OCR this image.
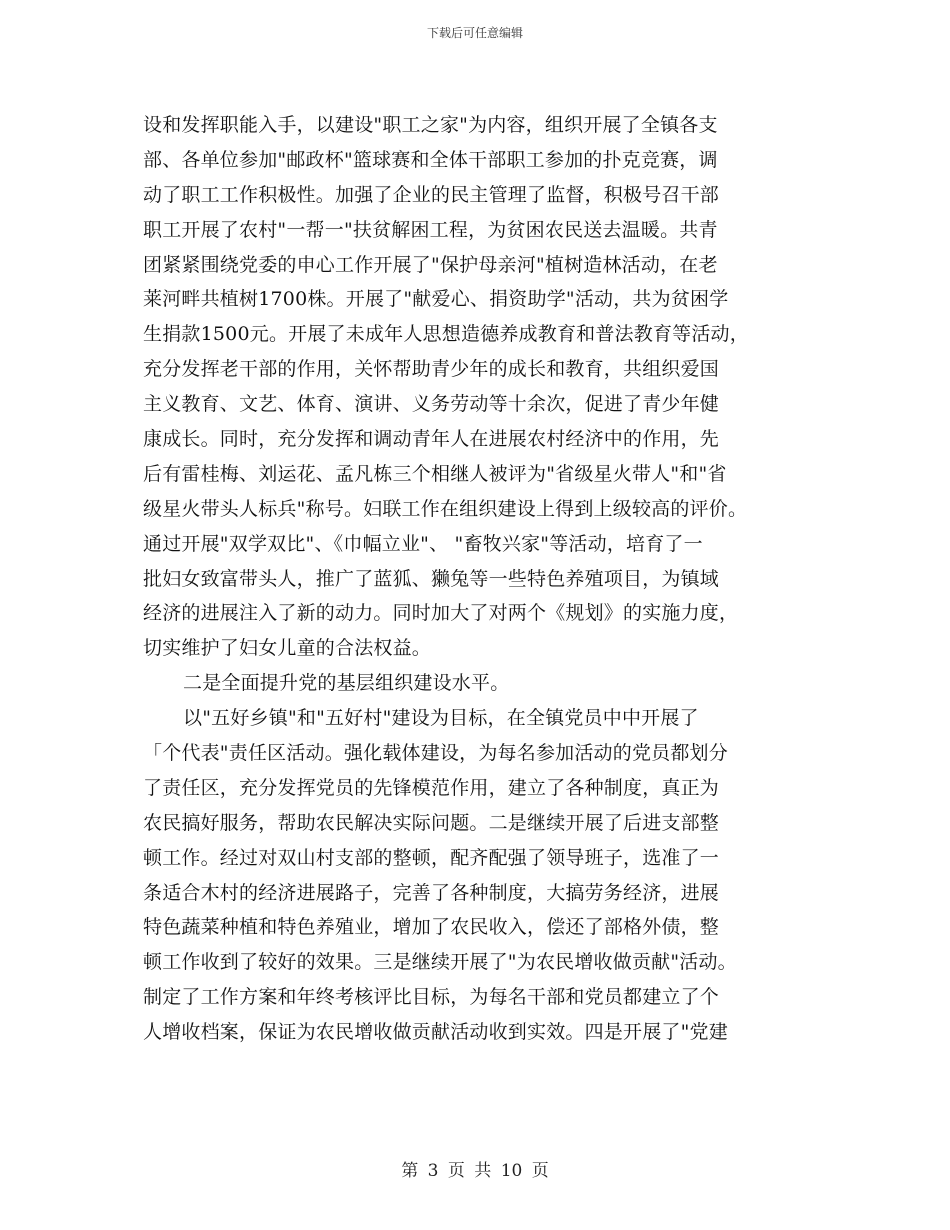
下载后可任意编辑
设和发挥职能入手，以建设"职工之家"为内容，组织开展了全镇各支
部、各单位参加"邮政杯"篮球赛和全体干部职工参加的扑克竞赛，调
动了职工工作积极性。加强了企业的民主管理了监督，积极号召干部
职工开展了农村"一帮一"扶贫解困工程，为贫困农民送去温暖。共青
团紧紧围绕党委的申心工作开展了"保护母亲河"植树造林活动，在老
莱河畔共植树1700株。开展了"献爱心、捐资助学"活动，共为贫困学
生捐款1500元。开展了未成年人思想造德养成教育和普法教育等活动，
充分发挥老干部的作用，关怀帮助青少年的成长和教育，共组织爱国
主义教育、文艺、体育、演讲、义务劳动等十余次，促进了青少年健
康成长。同时，充分发挥和调动青年人在进展农村经济中的作用，先
后有雷桂梅、刘运花、孟凡栋三个相继人被评为"省级星火带人"和"省
级星火带头人标兵"称号。妇联工作在组织建设上得到上级较高的评价。
通过开展"双学双比"、《巾幅立业"、 "畜牧兴家"等活动，培育了一
批妇女致富带头人，推广了蓝狐、獭兔等一些特色养殖项目，为镇域
经济的进展注入了新的动力。同时加大了对两个《规划》的实施力度，
切实维护了妇女儿童的合法权益。
二是全面提升党的基层组织建设水平。
以"五好乡镇"和"五好村"建设为目标，在全镇党员中中开展了
「个代表"责任区活动。强化载体建设，为每名参加活动的党员都划分
了责任区，充分发挥党员的先锋模范作用，建立了各种制度，真正为
农民搞好服务，帮助农民解决实际问题。二是继续开展了后进支部整
顿工作。经过对双山村支部的整顿，配齐配强了领导班子，选准了一
条适合木村的经济进展路子，完善了各种制度，大搞劳务经济，进展
特色蔬菜种植和特色养殖业，增加了农民收入，偿还了部格外债，整
顿工作收到了较好的效果。三是继续开展了"为农民增收做贡献"活动。
制定了工作方案和年终考核评比目标，为每名干部和党员都建立了个
人增收档案，保证为农民增收做贡献活动收到实效。四是开展了"党建
第 3 页 共 10 页
